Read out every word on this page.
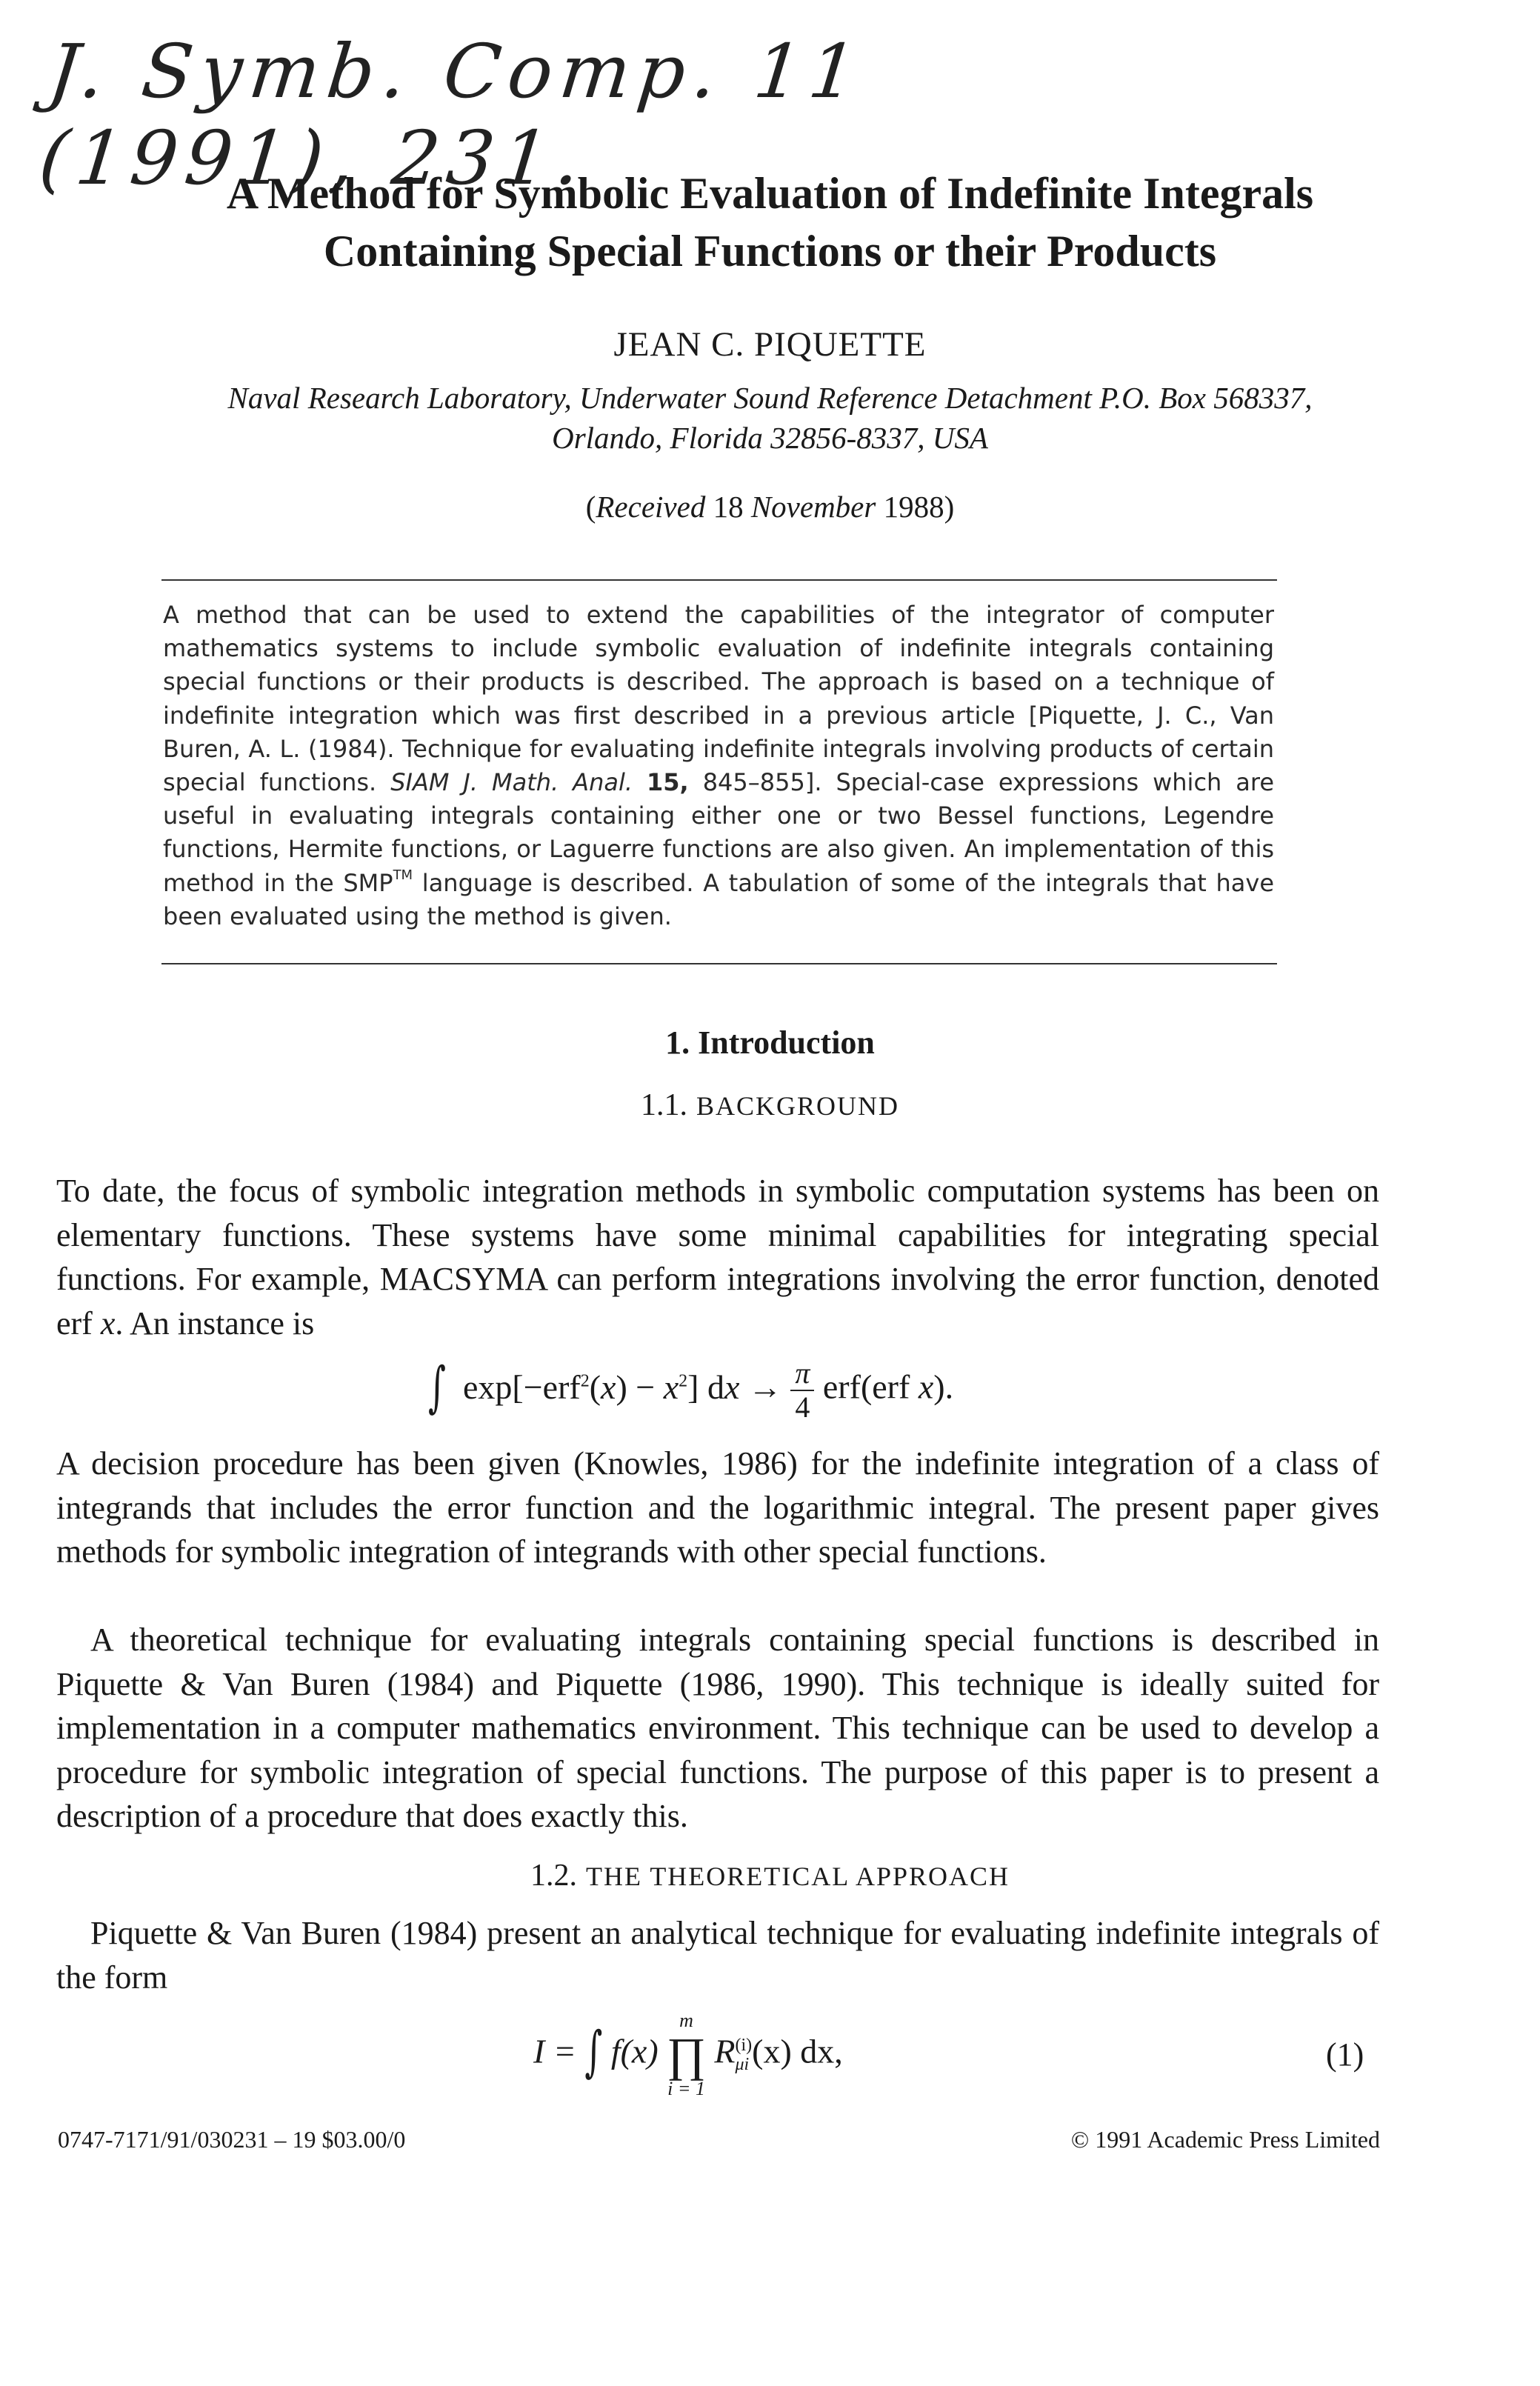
J. Symb. Comp. 11 (1991), 231.
A Method for Symbolic Evaluation of Indefinite Integrals
Containing Special Functions or their Products
JEAN C. PIQUETTE
Naval Research Laboratory, Underwater Sound Reference Detachment P.O. Box 568337,
Orlando, Florida 32856-8337, USA
(Received 18 November 1988)
A method that can be used to extend the capabilities of the integrator of computer mathematics systems to include symbolic evaluation of indefinite integrals containing special functions or their products is described. The approach is based on a technique of indefinite integration which was first described in a previous article [Piquette, J. C., Van Buren, A. L. (1984). Technique for evaluating indefinite integrals involving products of certain special functions. SIAM J. Math. Anal. 15, 845–855]. Special-case expressions which are useful in evaluating integrals containing either one or two Bessel functions, Legendre functions, Hermite functions, or Laguerre functions are also given. An implementation of this method in the SMP™ language is described. A tabulation of some of the integrals that have been evaluated using the method is given.
1. Introduction
1.1. BACKGROUND
To date, the focus of symbolic integration methods in symbolic computation systems has been on elementary functions. These systems have some minimal capabilities for integrating special functions. For example, MACSYMA can perform integrations involving the error function, denoted erf x. An instance is
∫  $\exp[-erf^2(x) - x^2]$ dx → π
4 erf(erf x).
A decision procedure has been given (Knowles, 1986) for the indefinite integration of a class of integrands that includes the error function and the logarithmic integral. The present paper gives methods for symbolic integration of integrands with other special functions.
A theoretical technique for evaluating integrals containing special functions is described in Piquette & Van Buren (1984) and Piquette (1986, 1990). This technique is ideally suited for implementation in a computer mathematics environment. This technique can be used to develop a procedure for symbolic integration of special functions. The purpose of this paper is to present a description of a procedure that does exactly this.
1.2. THE THEORETICAL APPROACH
Piquette & Van Buren (1984) present an analytical technique for evaluating indefinite integrals of the form
I = ∫ f(x)
m
∏
i = 1
R (i)
μi (x) dx,	(1)
0747-7171/91/030231 – 19 $03.00/0	© 1991 Academic Press Limited
